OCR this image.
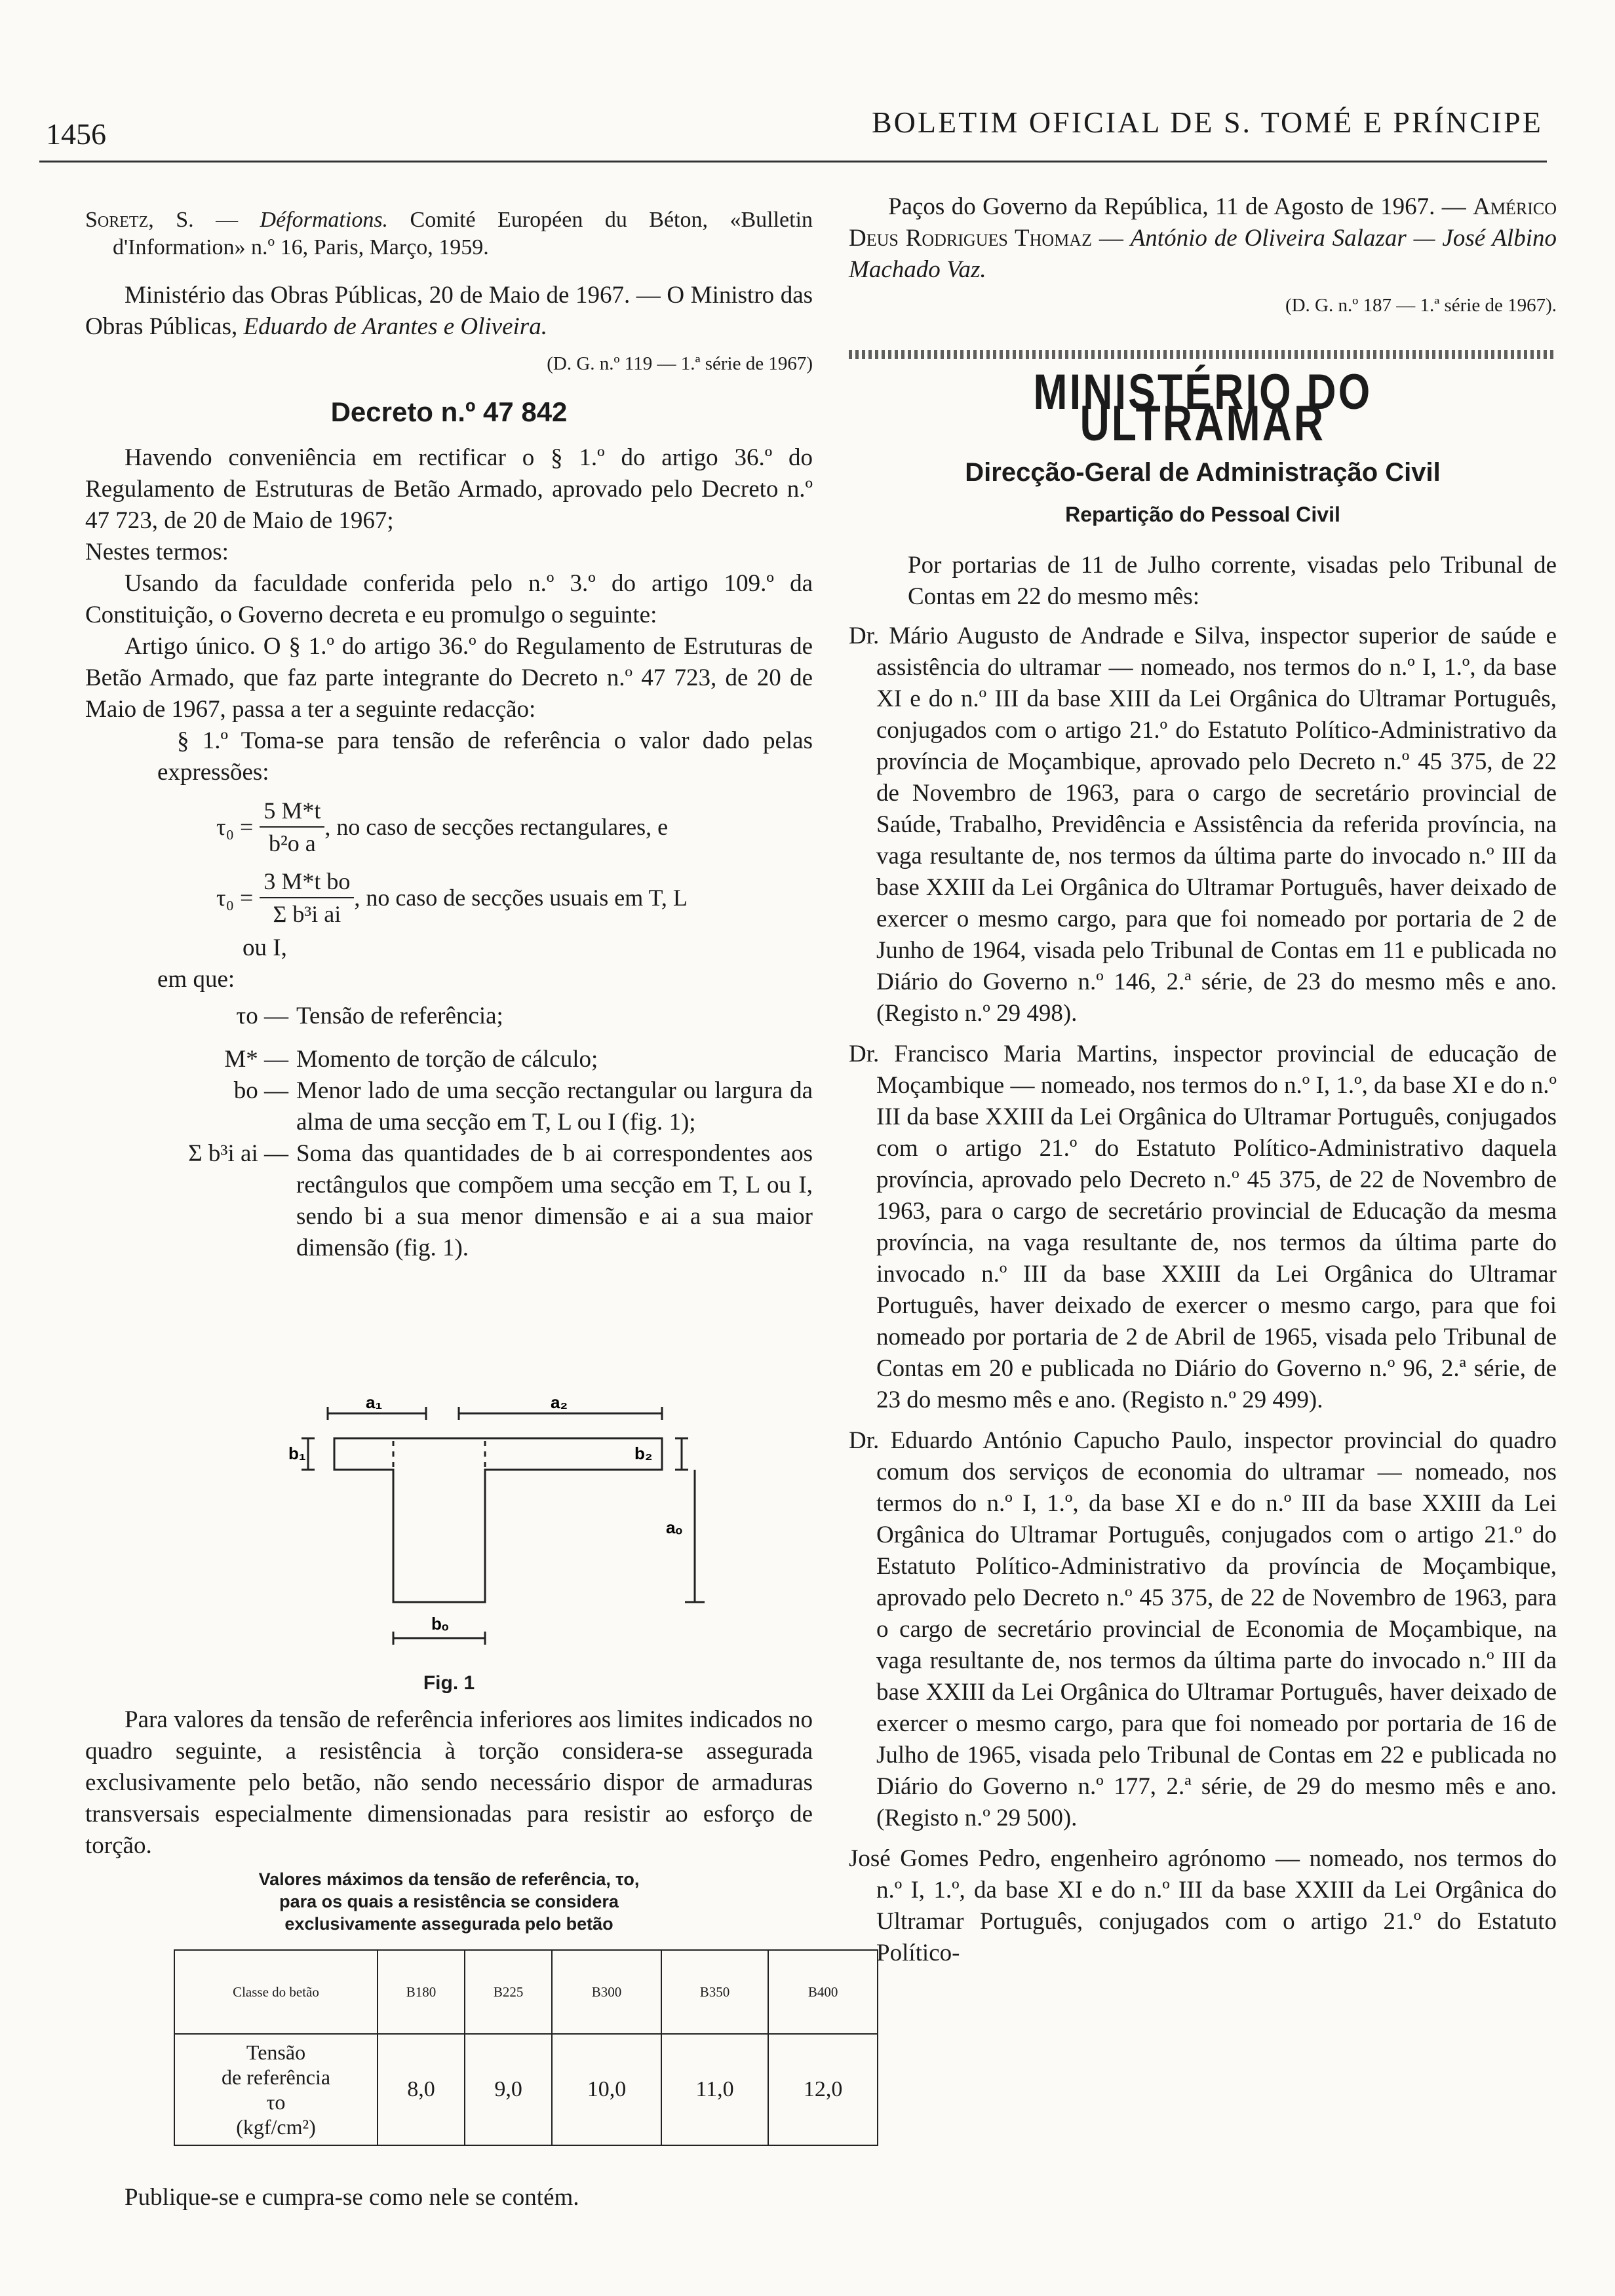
1456	BOLETIM OFICIAL DE S. TOMÉ E PRÍNCIPE

Soretz, S. — Déformations. Comité Européen du Béton, «Bulletin d'Information» n.º 16, Paris, Março, 1959.

Ministério das Obras Públicas, 20 de Maio de 1967. — O Ministro das Obras Públicas, Eduardo de Arantes e Oliveira.

(D. G. n.º 119 — 1.ª série de 1967)

Decreto n.º 47 842

Havendo conveniência em rectificar o § 1.º do artigo 36.º do Regulamento de Estruturas de Betão Armado, aprovado pelo Decreto n.º 47 723, de 20 de Maio de 1967;

Nestes termos:

Usando da faculdade conferida pelo n.º 3.º do artigo 109.º da Constituição, o Governo decreta e eu promulgo o seguinte:

Artigo único. O § 1.º do artigo 36.º do Regulamento de Estruturas de Betão Armado, que faz parte integrante do Decreto n.º 47 723, de 20 de Maio de 1967, passa a ter a seguinte redacção:

§ 1.º Toma-se para tensão de referência o valor dado pelas expressões:

$\tau_0 = \frac{5 M*t}{\text{b²o a}}$ , no caso de secções rectangulares, e
$\tau_0 = \frac{\text{3 M*t bo}}{\text{Σ b³i ai}}$ , no caso de secções usuais em T, L

ou I,

em que:

τo — Tensão de referência;
M* — Momento de torção de cálculo;
bo — Menor lado de uma secção rectangular ou largura da alma de uma secção em T, L ou I (fig. 1);
Σ b³i ai — Soma das quantidades de b ai correspondentes aos rectângulos que compõem uma secção em T, L ou I, sendo bi a sua menor dimensão e ai a sua maior dimensão (fig. 1).
a₁	a₂
b₁	b₂
aₒ
bₒ

Fig. 1

Para valores da tensão de referência inferiores aos limites indicados no quadro seguinte, a resistência à torção considera-se assegurada exclusivamente pelo betão, não sendo necessário dispor de armaduras transversais especialmente dimensionadas para resistir ao esforço de torção.

Valores máximos da tensão de referência, τo,

para os quais a resistência se considera

exclusivamente assegurada pelo betão

Classe do betão	B180	B225	B300	B350	B400

Tensão
de referência
τo
(kgf/cm²)	8,0	9,0	10,0	11,0	12,0

Publique-se e cumpra-se como nele se contém.

Paços do Governo da República, 11 de Agosto de 1967. — Américo Deus Rodrigues Thomaz — António de Oliveira Salazar — José Albino Machado Vaz.

(D. G. n.º 187 — 1.ª série de 1967).

MINISTÉRIO DO ULTRAMAR

Direcção-Geral de Administração Civil

Repartição do Pessoal Civil

Por portarias de 11 de Julho corrente, visadas pelo Tribunal de Contas em 22 do mesmo mês:

Dr. Mário Augusto de Andrade e Silva, inspector superior de saúde e assistência do ultramar — nomeado, nos termos do n.º I, 1.º, da base XI e do n.º III da base XIII da Lei Orgânica do Ultramar Português, conjugados com o artigo 21.º do Estatuto Político-Administrativo da província de Moçambique, aprovado pelo Decreto n.º 45 375, de 22 de Novembro de 1963, para o cargo de secretário provincial de Saúde, Trabalho, Previdência e Assistência da referida província, na vaga resultante de, nos termos da última parte do invocado n.º III da base XXIII da Lei Orgânica do Ultramar Português, haver deixado de exercer o mesmo cargo, para que foi nomeado por portaria de 2 de Junho de 1964, visada pelo Tribunal de Contas em 11 e publicada no Diário do Governo n.º 146, 2.ª série, de 23 do mesmo mês e ano. (Registo n.º 29 498).

Dr. Francisco Maria Martins, inspector provincial de educação de Moçambique — nomeado, nos termos do n.º I, 1.º, da base XI e do n.º III da base XXIII da Lei Orgânica do Ultramar Português, conjugados com o artigo 21.º do Estatuto Político-Administrativo daquela província, aprovado pelo Decreto n.º 45 375, de 22 de Novembro de 1963, para o cargo de secretário provincial de Educação da mesma província, na vaga resultante de, nos termos da última parte do invocado n.º III da base XXIII da Lei Orgânica do Ultramar Português, haver deixado de exercer o mesmo cargo, para que foi nomeado por portaria de 2 de Abril de 1965, visada pelo Tribunal de Contas em 20 e publicada no Diário do Governo n.º 96, 2.ª série, de 23 do mesmo mês e ano. (Registo n.º 29 499).

Dr. Eduardo António Capucho Paulo, inspector provincial do quadro comum dos serviços de economia do ultramar — nomeado, nos termos do n.º I, 1.º, da base XI e do n.º III da base XXIII da Lei Orgânica do Ultramar Português, conjugados com o artigo 21.º do Estatuto Político-Administrativo da província de Moçambique, aprovado pelo Decreto n.º 45 375, de 22 de Novembro de 1963, para o cargo de secretário provincial de Economia de Moçambique, na vaga resultante de, nos termos da última parte do invocado n.º III da base XXIII da Lei Orgânica do Ultramar Português, haver deixado de exercer o mesmo cargo, para que foi nomeado por portaria de 16 de Julho de 1965, visada pelo Tribunal de Contas em 22 e publicada no Diário do Governo n.º 177, 2.ª série, de 29 do mesmo mês e ano. (Registo n.º 29 500).

José Gomes Pedro, engenheiro agrónomo — nomeado, nos termos do n.º I, 1.º, da base XI e do n.º III da base XXIII da Lei Orgânica do Ultramar Português, conjugados com o artigo 21.º do Estatuto Político-
